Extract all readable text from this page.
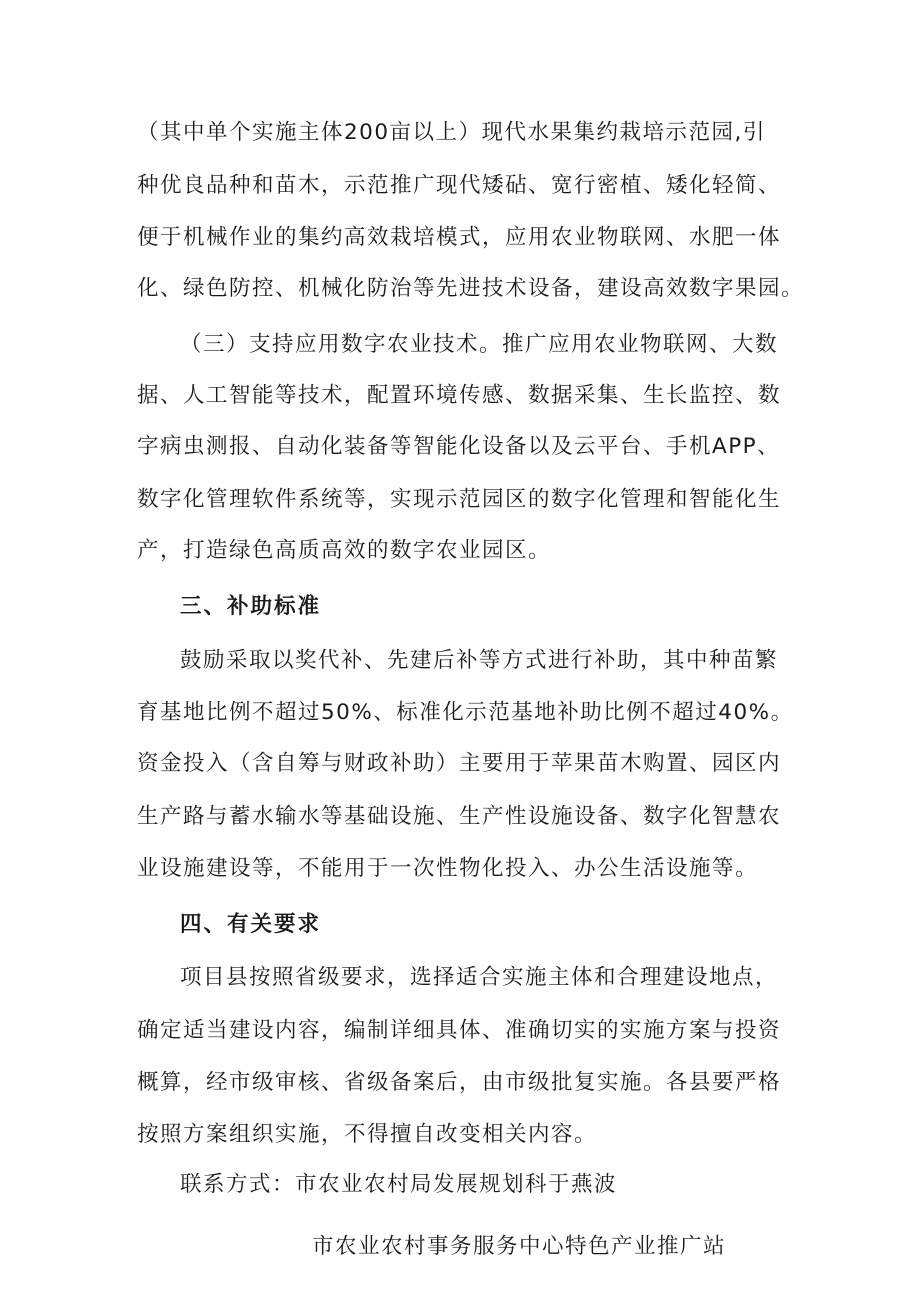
（其中单个实施主体200亩以上）现代水果集约栽培示范园,引

种优良品种和苗木，示范推广现代矮砧、宽行密植、矮化轻简、

便于机械作业的集约高效栽培模式，应用农业物联网、水肥一体

化、绿色防控、机械化防治等先进技术设备，建设高效数字果园。

（三）支持应用数字农业技术。推广应用农业物联网、大数

据、人工智能等技术，配置环境传感、数据采集、生长监控、数

字病虫测报、自动化装备等智能化设备以及云平台、手机APP、

数字化管理软件系统等，实现示范园区的数字化管理和智能化生

产，打造绿色高质高效的数字农业园区。

三、补助标准

鼓励采取以奖代补、先建后补等方式进行补助，其中种苗繁

育基地比例不超过50%、标准化示范基地补助比例不超过40%。

资金投入（含自筹与财政补助）主要用于苹果苗木购置、园区内

生产路与蓄水输水等基础设施、生产性设施设备、数字化智慧农

业设施建设等，不能用于一次性物化投入、办公生活设施等。

四、有关要求

项目县按照省级要求，选择适合实施主体和合理建设地点，

确定适当建设内容，编制详细具体、准确切实的实施方案与投资

概算，经市级审核、省级备案后，由市级批复实施。各县要严格

按照方案组织实施，不得擅自改变相关内容。

联系方式：市农业农村局发展规划科于燕波

市农业农村事务服务中心特色产业推广站
